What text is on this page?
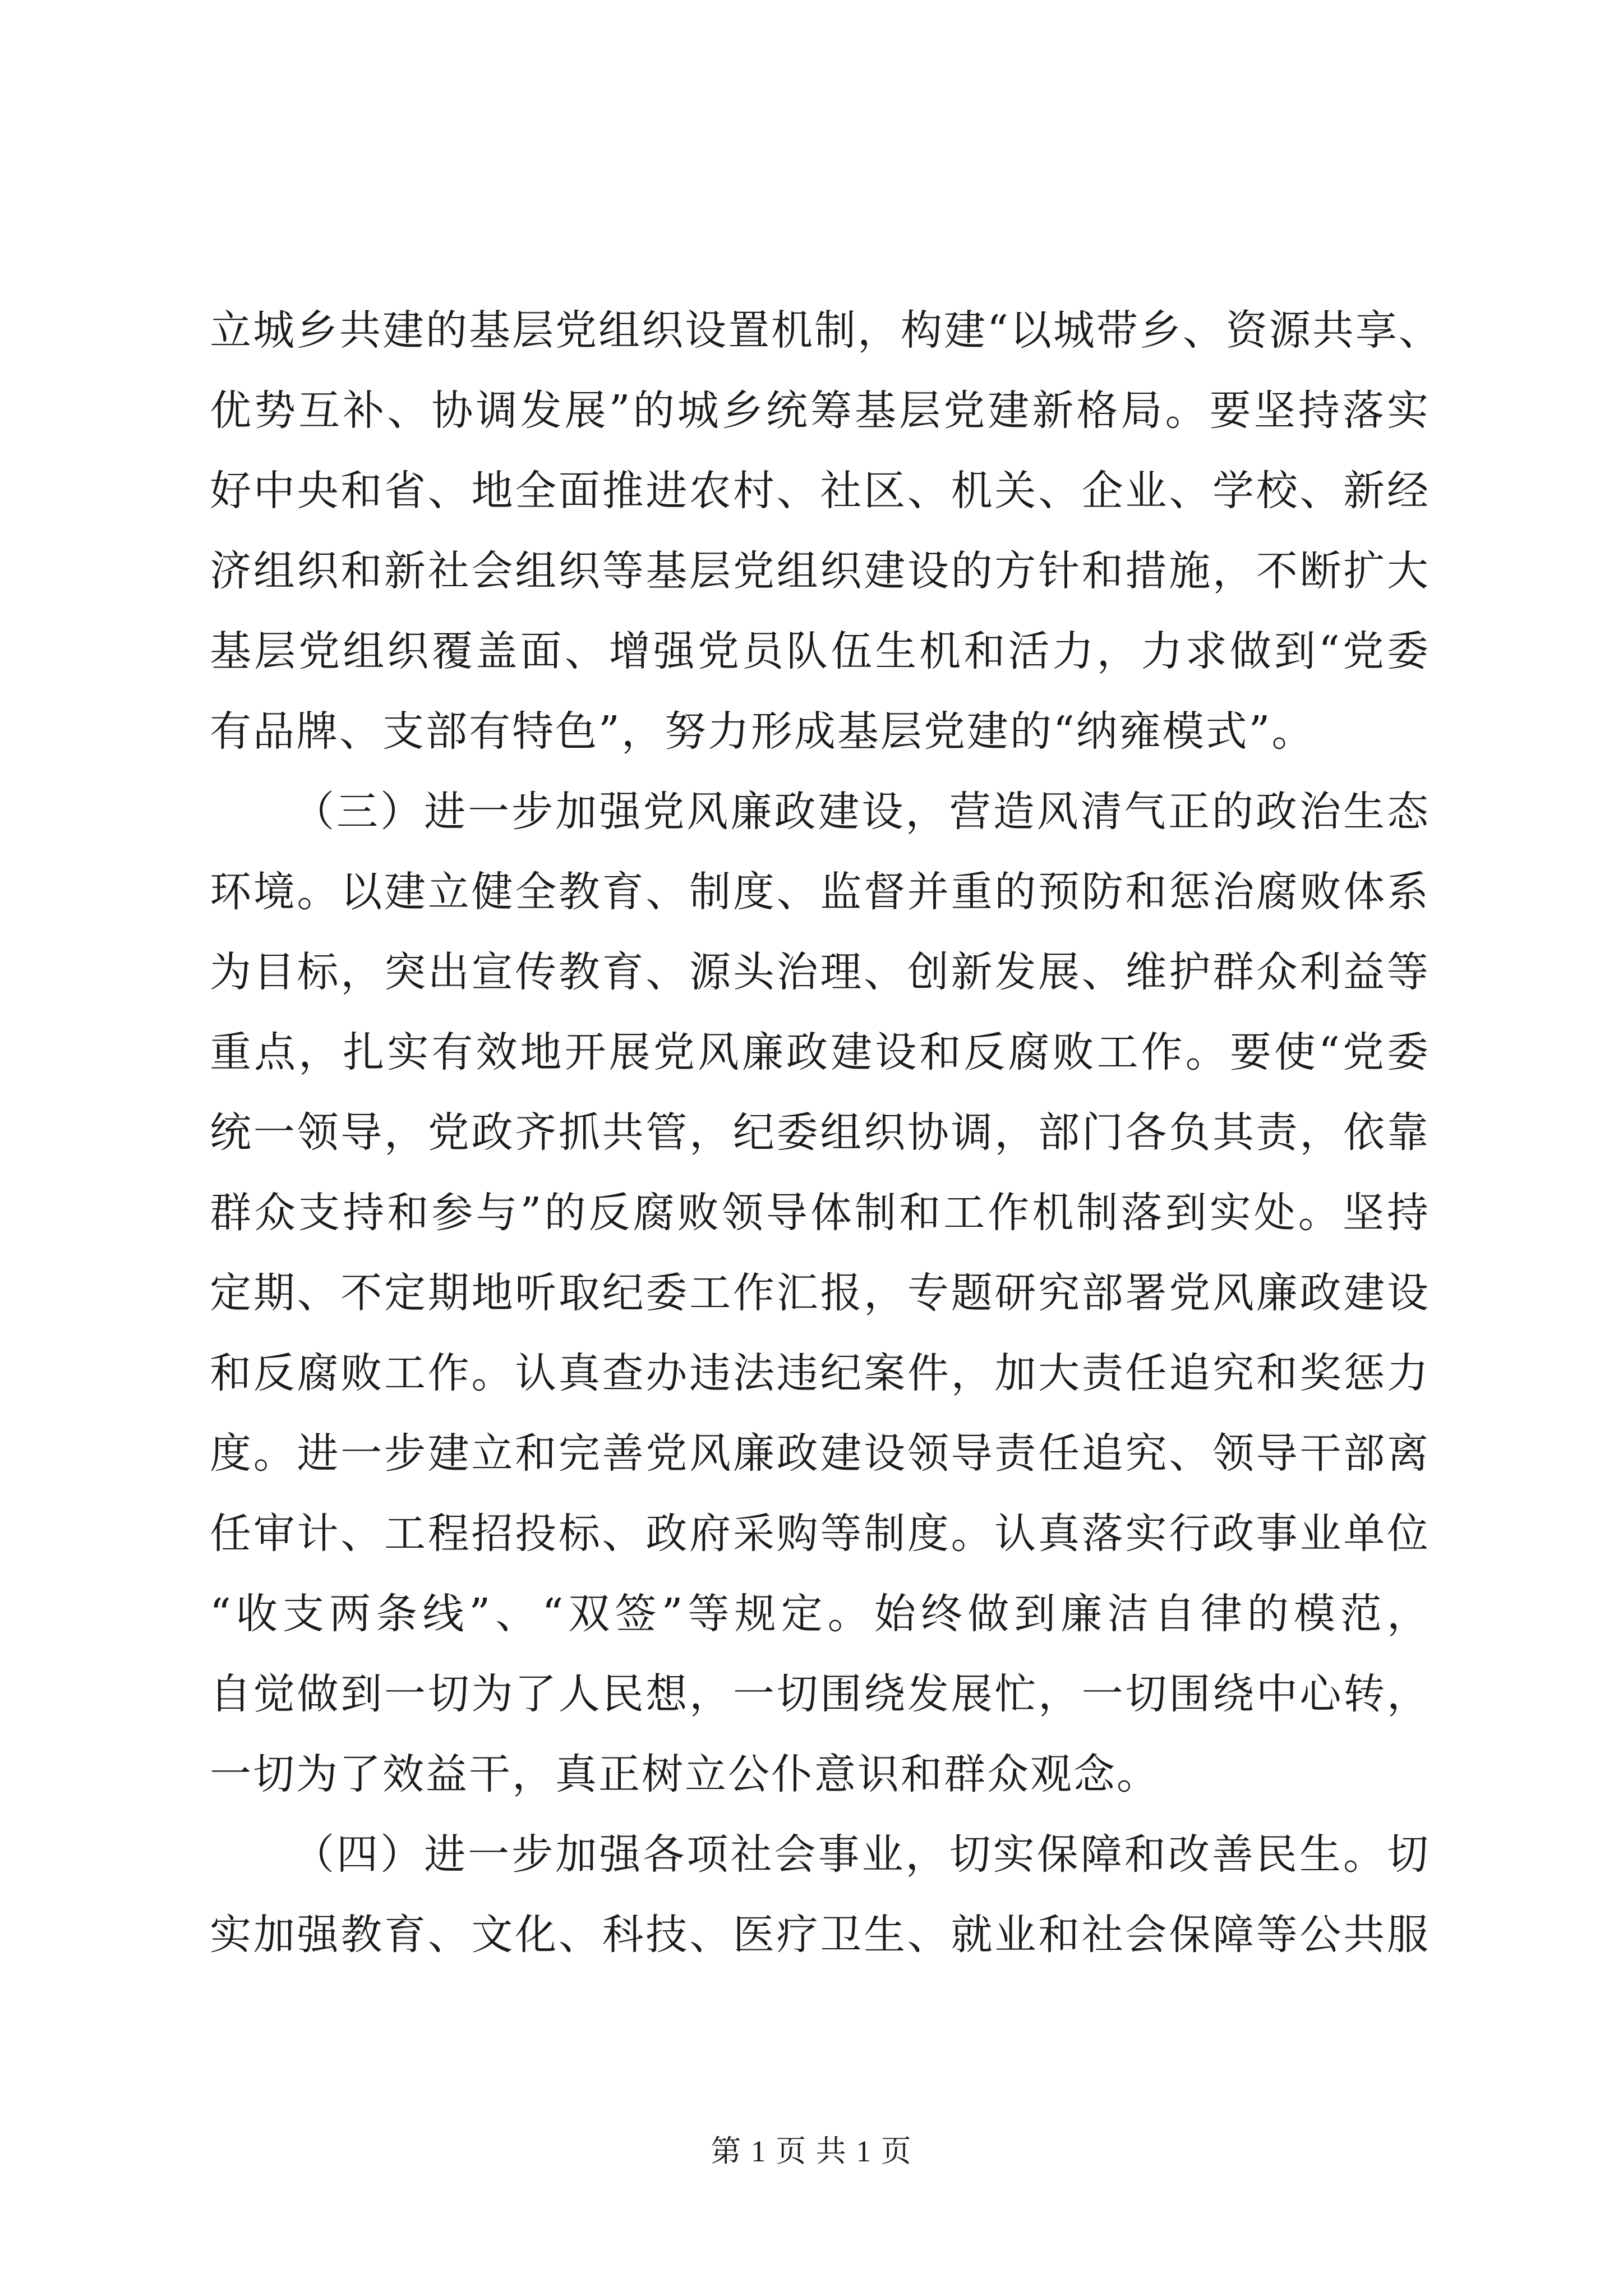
立城乡共建的基层党组织设置机制，构建“以城带乡、资源共享、
优势互补、协调发展”的城乡统筹基层党建新格局。要坚持落实
好中央和省、地全面推进农村、社区、机关、企业、学校、新经
济组织和新社会组织等基层党组织建设的方针和措施，不断扩大
基层党组织覆盖面、增强党员队伍生机和活力，力求做到“党委
有品牌、支部有特色”，努力形成基层党建的“纳雍模式”。
（三）进一步加强党风廉政建设，营造风清气正的政治生态
环境。以建立健全教育、制度、监督并重的预防和惩治腐败体系
为目标，突出宣传教育、源头治理、创新发展、维护群众利益等
重点，扎实有效地开展党风廉政建设和反腐败工作。要使“党委
统一领导，党政齐抓共管，纪委组织协调，部门各负其责，依靠
群众支持和参与”的反腐败领导体制和工作机制落到实处。坚持
定期、不定期地听取纪委工作汇报，专题研究部署党风廉政建设
和反腐败工作。认真查办违法违纪案件，加大责任追究和奖惩力
度。进一步建立和完善党风廉政建设领导责任追究、领导干部离
任审计、工程招投标、政府采购等制度。认真落实行政事业单位
“收支两条线”、“双签”等规定。始终做到廉洁自律的模范，
自觉做到一切为了人民想，一切围绕发展忙，一切围绕中心转，
一切为了效益干，真正树立公仆意识和群众观念。
（四）进一步加强各项社会事业，切实保障和改善民生。切
实加强教育、文化、科技、医疗卫生、就业和社会保障等公共服
第 1 页 共 1 页
